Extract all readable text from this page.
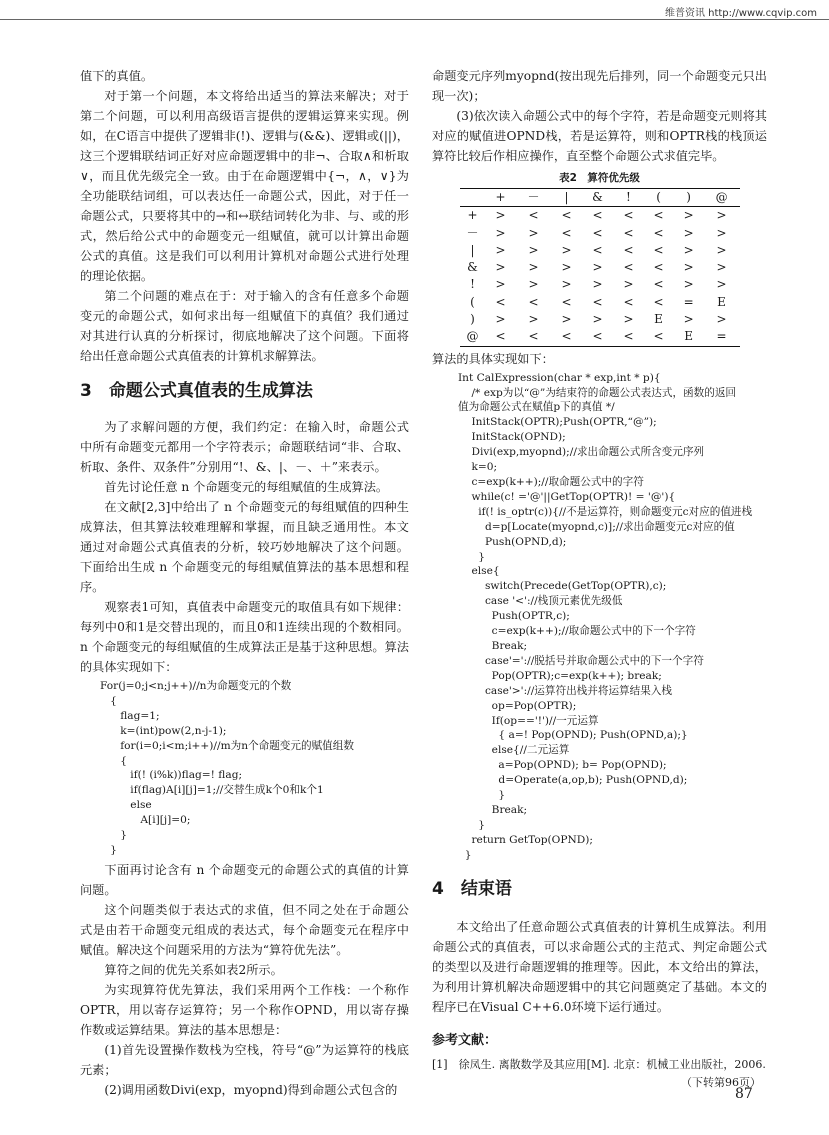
维普资讯 http://www.cqvip.com

值下的真值。

对于第一个问题，本文将给出适当的算法来解决；对于第二个问题，可以利用高级语言提供的逻辑运算来实现。例如，在C语言中提供了逻辑非(!)、逻辑与(&&)、逻辑或(||)，这三个逻辑联结词正好对应命题逻辑中的非¬、合取∧和析取∨，而且优先级完全一致。由于在命题逻辑中{¬，∧，∨}为全功能联结词组，可以表达任一命题公式，因此，对于任一命题公式，只要将其中的→和↔联结词转化为非、与、或的形式，然后给公式中的命题变元一组赋值，就可以计算出命题公式的真值。这是我们可以利用计算机对命题公式进行处理的理论依据。

第二个问题的难点在于：对于输入的含有任意多个命题变元的命题公式，如何求出每一组赋值下的真值？我们通过对其进行认真的分析探讨，彻底地解决了这个问题。下面将给出任意命题公式真值表的计算机求解算法。

3　命题公式真值表的生成算法

为了求解问题的方便，我们约定：在输入时，命题公式中所有命题变元都用一个字符表示；命题联结词“非、合取、析取、条件、双条件”分别用“!、&、|、－、＋”来表示。

首先讨论任意 n 个命题变元的每组赋值的生成算法。

在文献[2,3]中给出了 n 个命题变元的每组赋值的四种生成算法，但其算法较难理解和掌握，而且缺乏通用性。本文通过对命题公式真值表的分析，较巧妙地解决了这个问题。下面给出生成 n 个命题变元的每组赋值算法的基本思想和程序。

观察表1可知，真值表中命题变元的取值具有如下规律：每列中0和1是交替出现的，而且0和1连续出现的个数相同。n 个命题变元的每组赋值的生成算法正是基于这种思想。算法的具体实现如下：

For(j=0;j<n;j++)//n为命题变元的个数
{
flag=1;
k=(int)pow(2,n-j-1);
for(i=0;i<m;i++)//m为n个命题变元的赋值组数
{
if(! (i%k))flag=! flag;
if(flag)A[i][j]=1;//交替生成k个0和k个1
else
A[i][j]=0;
}
}

下面再讨论含有 n 个命题变元的命题公式的真值的计算问题。

这个问题类似于表达式的求值，但不同之处在于命题公式是由若干命题变元组成的表达式，每个命题变元在程序中赋值。解决这个问题采用的方法为“算符优先法”。

算符之间的优先关系如表2所示。

为实现算符优先算法，我们采用两个工作栈：一个称作OPTR，用以寄存运算符；另一个称作OPND，用以寄存操作数或运算结果。算法的基本思想是：

(1)首先设置操作数栈为空栈，符号“@”为运算符的栈底元素；

(2)调用函数Divi(exp，myopnd)得到命题公式包含的

命题变元序列myopnd(按出现先后排列，同一个命题变元只出现一次)；

(3)依次读入命题公式中的每个字符，若是命题变元则将其对应的赋值进OPND栈，若是运算符，则和OPTR栈的栈顶运算符比较后作相应操作，直至整个命题公式求值完毕。

表2　算符优先级
	+	－	|	&	!	(	)	@
+	>	<	<	<	<	<	>	>
－	>	>	<	<	<	<	>	>
|	>	>	>	<	<	<	>	>
&	>	>	>	>	<	<	>	>
!	>	>	>	>	>	<	>	>
(	<	<	<	<	<	<	=	E
)	>	>	>	>	>	E	>	>
@	<	<	<	<	<	<	E	=

算法的具体实现如下：

Int CalExpression(char * exp,int * p){
/* exp为以“@”为结束符的命题公式表达式，函数的返回
值为命题公式在赋值p下的真值 */
InitStack(OPTR);Push(OPTR,“@”);
InitStack(OPND);
Divi(exp,myopnd);//求出命题公式所含变元序列
k=0;
c=exp(k++);//取命题公式中的字符
while(c! ='@'||GetTop(OPTR)! = '@'){
if(! is_optr(c)){//不是运算符，则命题变元c对应的值进栈
d=p[Locate(myopnd,c)];//求出命题变元c对应的值
Push(OPND,d);
}
else{
switch(Precede(GetTop(OPTR),c);
case '<'://栈顶元素优先级低
Push(OPTR,c);
c=exp(k++);//取命题公式中的下一个字符
Break;
case'='://脱括号并取命题公式中的下一个字符
Pop(OPTR);c=exp(k++); break;
case'>'://运算符出栈并将运算结果入栈
op=Pop(OPTR);
If(op=='!')//一元运算
{ a=! Pop(OPND); Push(OPND,a);}
else{//二元运算
a=Pop(OPND); b= Pop(OPND);
d=Operate(a,op,b); Push(OPND,d);
}
Break;
}
return GetTop(OPND);
}
4　结束语

本文给出了任意命题公式真值表的计算机生成算法。利用命题公式的真值表，可以求命题公式的主范式、判定命题公式的类型以及进行命题逻辑的推理等。因此，本文给出的算法，为利用计算机解决命题逻辑中的其它问题奠定了基础。本文的程序已在Visual C++6.0环境下运行通过。

参考文献：
[1]　徐凤生. 离散数学及其应用[M]. 北京：机械工业出版社，2006.
（下转第96页）
87
